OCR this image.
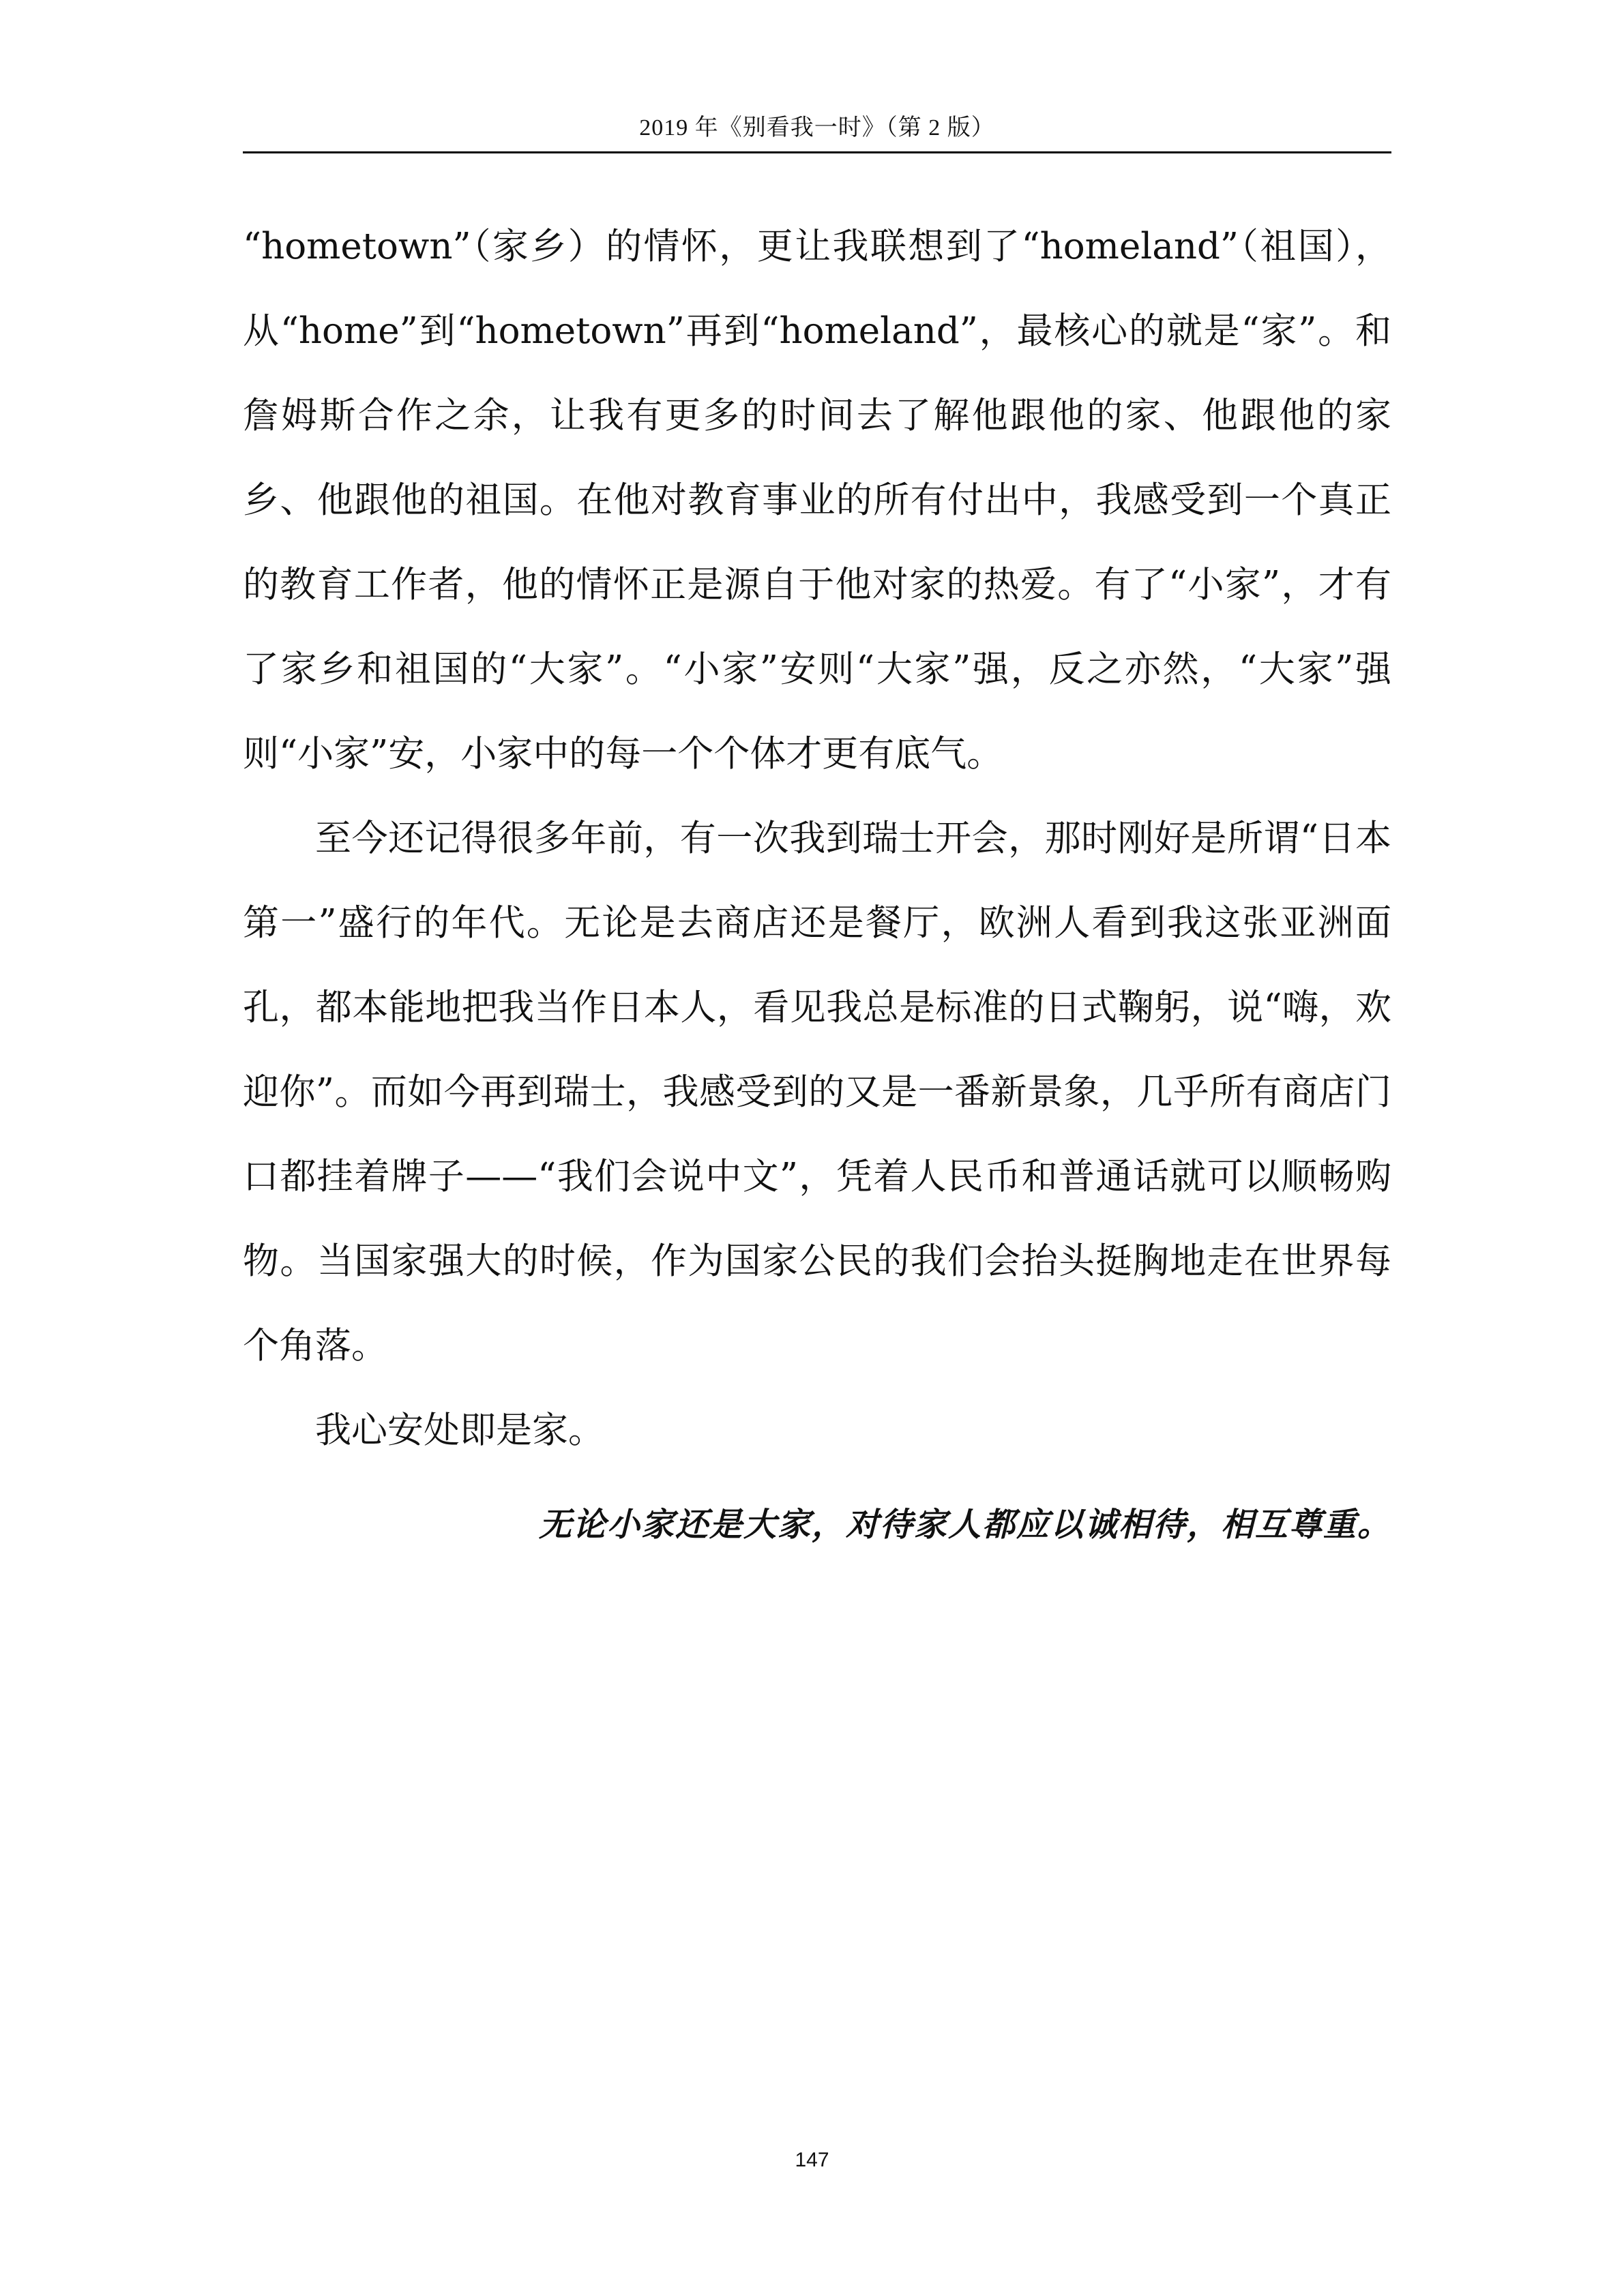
2019 年《别看我一时》（第 2 版）

“hometown”（家乡）的情怀，更让我联想到了“homeland”（祖国），从“home”到“hometown”再到“homeland”，最核心的就是“家”。和詹姆斯合作之余，让我有更多的时间去了解他跟他的家、他跟他的家乡、他跟他的祖国。在他对教育事业的所有付出中，我感受到一个真正的教育工作者，他的情怀正是源自于他对家的热爱。有了“小家”，才有了家乡和祖国的“大家”。“小家”安则“大家”强，反之亦然，“大家”强则“小家”安，小家中的每一个个体才更有底气。

至今还记得很多年前，有一次我到瑞士开会，那时刚好是所谓“日本第一”盛行的年代。无论是去商店还是餐厅，欧洲人看到我这张亚洲面孔，都本能地把我当作日本人，看见我总是标准的日式鞠躬，说“嗨，欢迎你”。而如今再到瑞士，我感受到的又是一番新景象，几乎所有商店门口都挂着牌子——“我们会说中文”，凭着人民币和普通话就可以顺畅购物。当国家强大的时候，作为国家公民的我们会抬头挺胸地走在世界每个角落。

我心安处即是家。

无论小家还是大家，对待家人都应以诚相待，相互尊重。
147
